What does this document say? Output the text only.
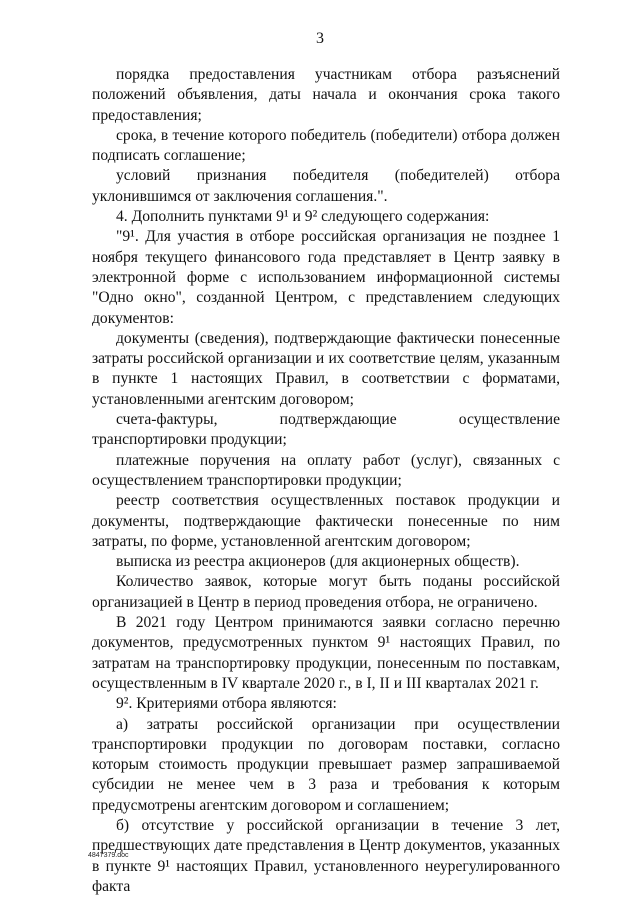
3

порядка предоставления участникам отбора разъяснений положений объявления, даты начала и окончания срока такого предоставления;

срока, в течение которого победитель (победители) отбора должен подписать соглашение;

условий признания победителя (победителей) отбора уклонившимся от заключения соглашения.".

4. Дополнить пунктами 9¹ и 9² следующего содержания:

"9¹. Для участия в отборе российская организация не позднее 1 ноября текущего финансового года представляет в Центр заявку в электронной форме с использованием информационной системы "Одно окно", созданной Центром, с представлением следующих документов:

документы (сведения), подтверждающие фактически понесенные затраты российской организации и их соответствие целям, указанным в пункте 1 настоящих Правил, в соответствии с форматами, установленными агентским договором;

счета-фактуры, подтверждающие осуществление транспортировки продукции;

платежные поручения на оплату работ (услуг), связанных с осуществлением транспортировки продукции;

реестр соответствия осуществленных поставок продукции и документы, подтверждающие фактически понесенные по ним затраты, по форме, установленной агентским договором;

выписка из реестра акционеров (для акционерных обществ).

Количество заявок, которые могут быть поданы российской организацией в Центр в период проведения отбора, не ограничено.

В 2021 году Центром принимаются заявки согласно перечню документов, предусмотренных пунктом 9¹ настоящих Правил, по затратам на транспортировку продукции, понесенным по поставкам, осуществленным в IV квартале 2020 г., в I, II и III кварталах 2021 г.

9². Критериями отбора являются:

а) затраты российской организации при осуществлении транспортировки продукции по договорам поставки, согласно которым стоимость продукции превышает размер запрашиваемой субсидии не менее чем в 3 раза и требования к которым предусмотрены агентским договором и соглашением;

б) отсутствие у российской организации в течение 3 лет, предшествующих дате представления в Центр документов, указанных в пункте 9¹ настоящих Правил, установленного неурегулированного факта

4847379.doc
